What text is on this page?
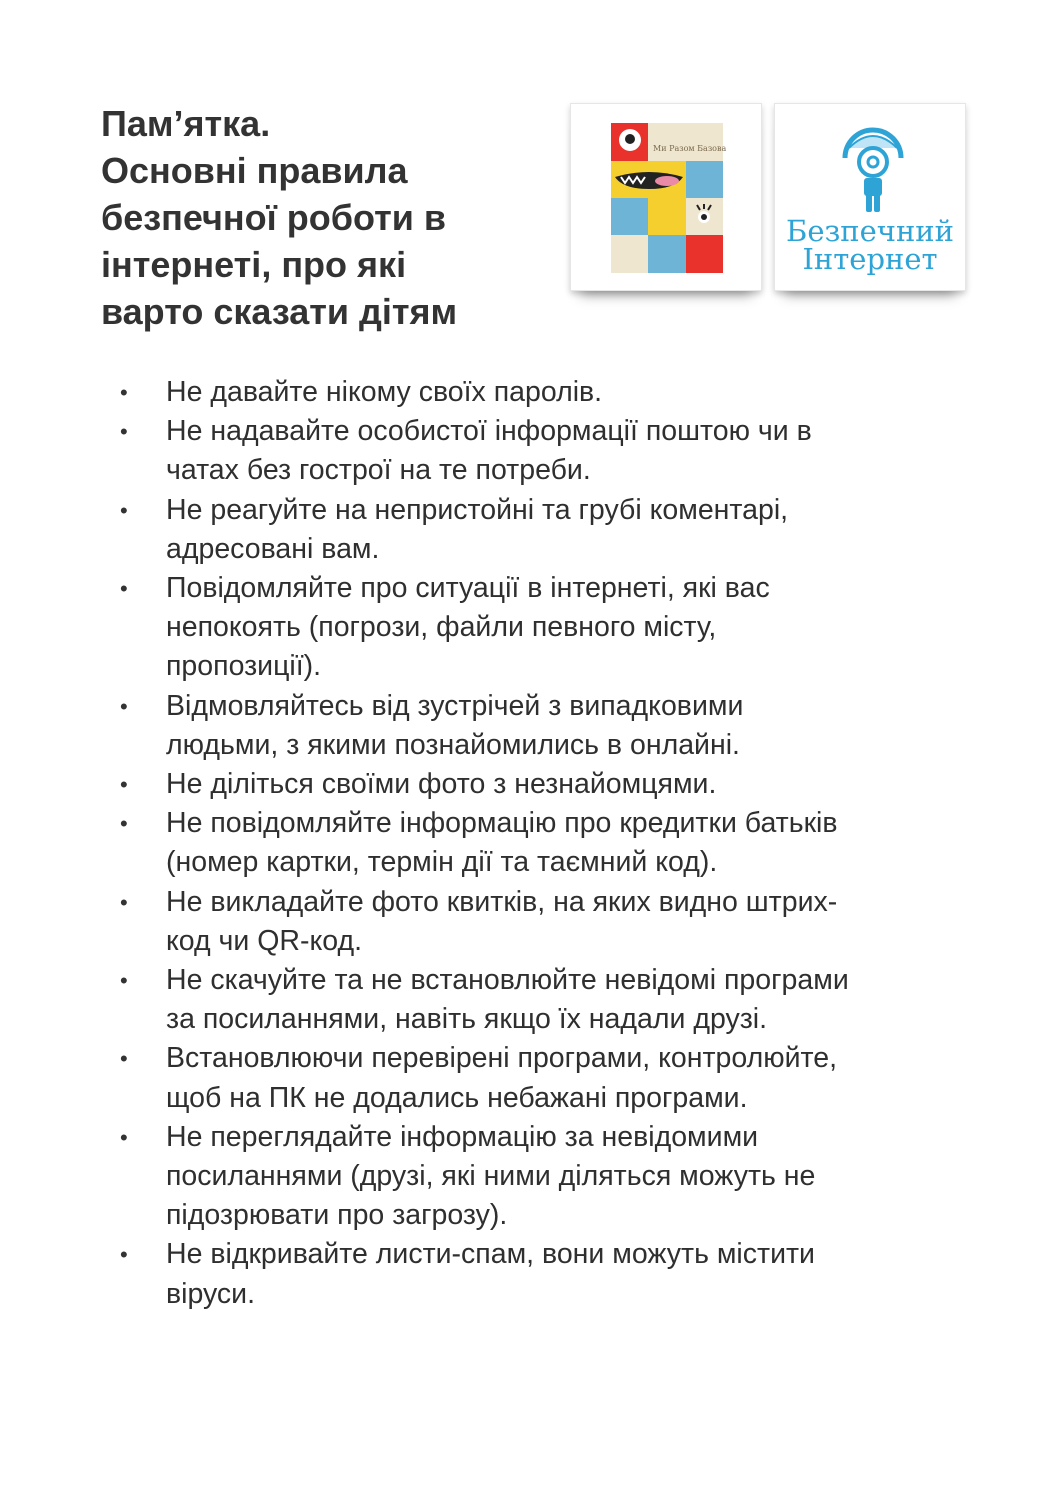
Пам’ятка.
Основні правила
безпечної роботи в
інтернеті, про які
варто сказати дітям
Ми Разом Базова
Безпечний
Інтернет
• Не давайте нікому своїх паролів.
• Не надавайте особистої інформації поштою чи в
чатах без гострої на те потреби.
• Не реагуйте на непристойні та грубі коментарі,
адресовані вам.
• Повідомляйте про ситуації в інтернеті, які вас
непокоять (погрози, файли певного місту,
пропозиції).
• Відмовляйтесь від зустрічей з випадковими
людьми, з якими познайомились в онлайні.
• Не діліться своїми фото з незнайомцями.
• Не повідомляйте інформацію про кредитки батьків
(номер картки, термін дії та таємний код).
• Не викладайте фото квитків, на яких видно штрих-
код чи QR-код.
• Не скачуйте та не встановлюйте невідомі програми
за посиланнями, навіть якщо їх надали друзі.
• Встановлюючи перевірені програми, контролюйте,
щоб на ПК не додались небажані програми.
• Не переглядайте інформацію за невідомими
посиланнями (друзі, які ними діляться можуть не
підозрювати про загрозу).
• Не відкривайте листи-спам, вони можуть містити
віруси.
